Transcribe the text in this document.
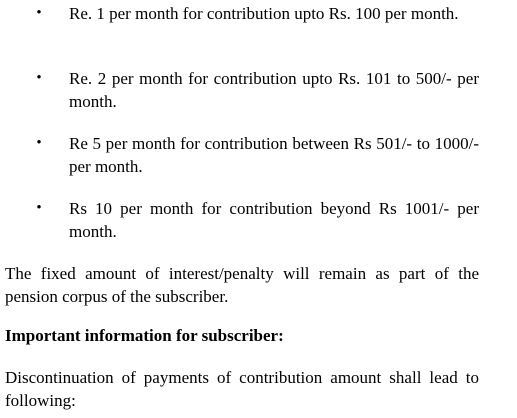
• Re. 1 per month for contribution upto Rs. 100 per month.
• Re. 2 per month for contribution upto Rs. 101 to 500/- per month.
• Re 5 per month for contribution between Rs 501/- to 1000/- per month.
• Rs 10 per month for contribution beyond Rs 1001/- per month.

The fixed amount of interest/penalty will remain as part of the pension corpus of the subscriber.

Important information for subscriber:

Discontinuation of payments of contribution amount shall lead to following:
